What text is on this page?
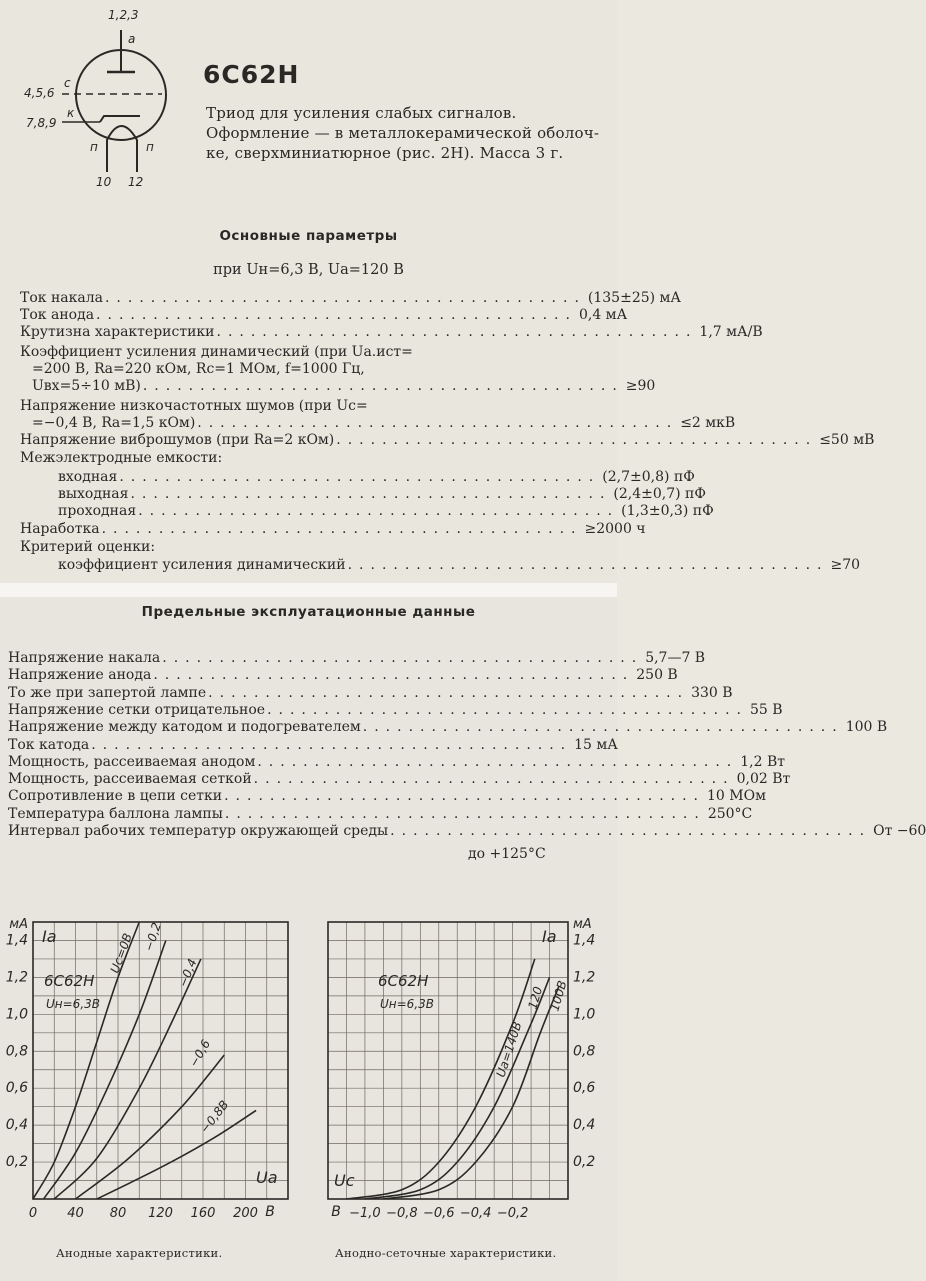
1,2,3
а
4,5,6
с
7,8,9
к
п	п
10 12
6С62Н
Триод для усиления слабых сигналов.
Оформление — в металлокерамической оболоч-
ке, сверхминиатюрное (рис. 2Н). Масса 3 г.
Основные параметры
при Uн=6,3 В, Uа=120 В
Ток накала .......................................... (135±25) мА
Ток анода .......................................... 0,4 мА
Крутизна характеристики .......................................... 1,7 мА/В
Коэффициент усиления динамический (при Uа.ист=
=200 В, Rа=220 кОм, Rс=1 МОм, f=1000 Гц,
Uвх=5÷10 мВ) .......................................... ≥90
Напряжение низкочастотных шумов (при Uс=
=−0,4 В, Rа=1,5 кОм) .......................................... ≤2 мкВ
Напряжение виброшумов (при Rа=2 кОм) .......................................... ≤50 мВ
Межэлектродные емкости:
входная .......................................... (2,7±0,8) пФ
выходная .......................................... (2,4±0,7) пФ
проходная .......................................... (1,3±0,3) пФ
Наработка .......................................... ≥2000 ч
Критерий оценки:
коэффициент усиления динамический .......................................... ≥70
Предельные эксплуатационные данные
Напряжение накала .......................................... 5,7—7 В
Напряжение анода .......................................... 250 В
То же при запертой лампе .......................................... 330 В
Напряжение сетки отрицательное .......................................... 55 В
Напряжение между катодом и подогревателем .......................................... 100 В
Ток катода .......................................... 15 мА
Мощность, рассеиваемая анодом .......................................... 1,2 Вт
Мощность, рассеиваемая сеткой .......................................... 0,02 Вт
Сопротивление в цепи сетки .......................................... 10 МОм
Температура баллона лампы .......................................... 250°С
Интервал рабочих температур окружающей среды .......................................... От −60
до +125°С
0,2
0,4
0,6
0,8
1,0
1,2
1,4
0 40 80 120 160 200
мА
Iа
Uа
В
6С62Н
Uн=6,3В
Uс=0В −0,2
−0,4
−0,6
−0,8В
0,2
0,4
0,6
0,8
1,0
1,2
1,4
−1,0 −0,8 −0,6 −0,4 −0,2
мА
Iа
Uс
В
6С62Н
Uн=6,3В
Uа=140В
120 100В
Анодные характеристики.	Анодно-сеточные характеристики.
